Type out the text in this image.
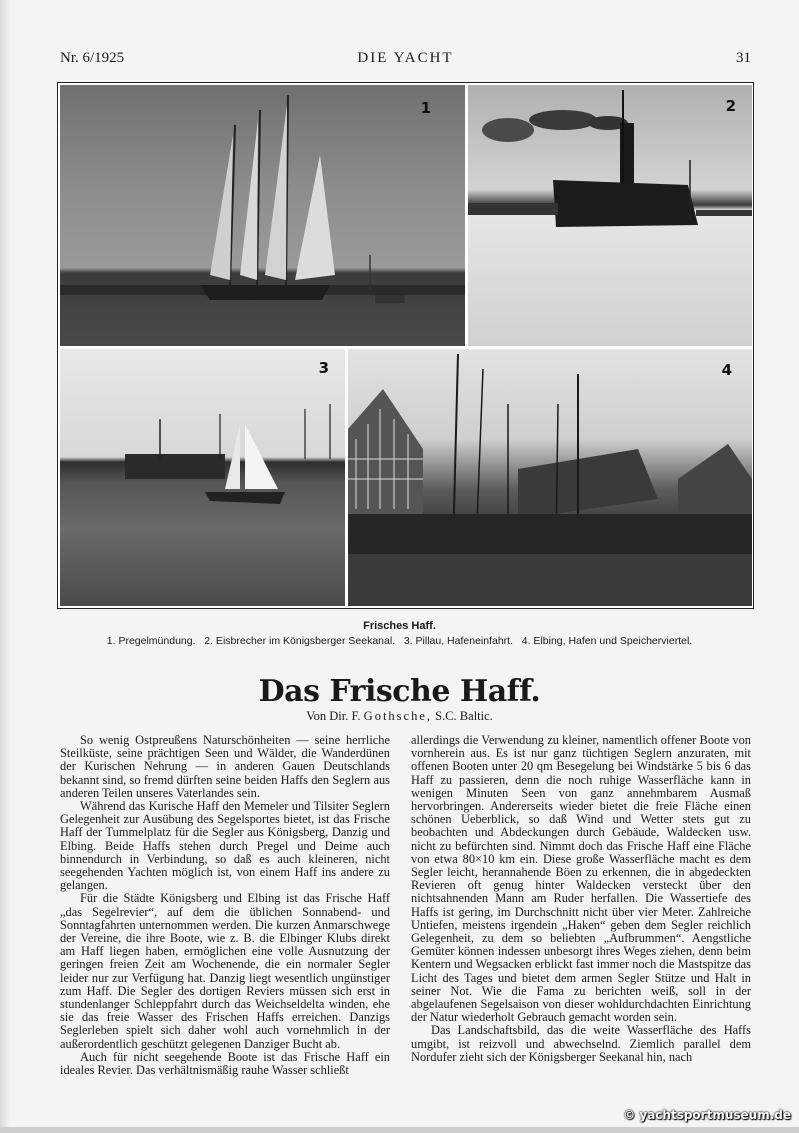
Nr. 6/1925	DIE YACHT	31
1	2
3	4
Frisches Haff.
1. Pregelmündung.   2. Eisbrecher im Königsberger Seekanal.   3. Pillau, Hafeneinfahrt.   4. Elbing, Hafen und Speicherviertel.
Das Frische Haff.
Von Dir. F. Gothsche, S.C. Baltic.

So wenig Ostpreußens Naturschönheiten — seine herrliche Steilküste, seine prächtigen Seen und Wälder, die Wanderdünen der Kurischen Nehrung — in anderen Gauen Deutschlands bekannt sind, so fremd dürften seine beiden Haffs den Seglern aus anderen Teilen unseres Vaterlandes sein.

Während das Kurische Haff den Memeler und Tilsiter Seglern Gelegenheit zur Ausübung des Segelsportes bietet, ist das Frische Haff der Tummelplatz für die Segler aus Königsberg, Danzig und Elbing. Beide Haffs stehen durch Pregel und Deime auch binnendurch in Verbindung, so daß es auch kleineren, nicht seegehenden Yachten möglich ist, von einem Haff ins andere zu gelangen.

Für die Städte Königsberg und Elbing ist das Frische Haff „das Segelrevier“, auf dem die üblichen Sonnabend- und Sonntagfahrten unternommen werden. Die kurzen Anmarschwege der Vereine, die ihre Boote, wie z. B. die Elbinger Klubs direkt am Haff liegen haben, ermöglichen eine volle Ausnutzung der geringen freien Zeit am Wochenende, die ein normaler Segler leider nur zur Verfügung hat. Danzig liegt wesentlich ungünstiger zum Haff. Die Segler des dortigen Reviers müssen sich erst in stundenlanger Schleppfahrt durch das Weichseldelta winden, ehe sie das freie Wasser des Frischen Haffs erreichen. Danzigs Seglerleben spielt sich daher wohl auch vornehmlich in der außerordentlich geschützt gelegenen Danziger Bucht ab.

Auch für nicht seegehende Boote ist das Frische Haff ein ideales Revier. Das verhältnismäßig rauhe Wasser schließt

allerdings die Verwendung zu kleiner, namentlich offener Boote von vornherein aus. Es ist nur ganz tüchtigen Seglern anzuraten, mit offenen Booten unter 20 qm Besegelung bei Windstärke 5 bis 6 das Haff zu passieren, denn die noch ruhige Wasserfläche kann in wenigen Minuten Seen von ganz annehmbarem Ausmaß hervorbringen. Andererseits wieder bietet die freie Fläche einen schönen Ueberblick, so daß Wind und Wetter stets gut zu beobachten und Abdeckungen durch Gebäude, Waldecken usw. nicht zu befürchten sind. Nimmt doch das Frische Haff eine Fläche von etwa 80×10 km ein. Diese große Wasserfläche macht es dem Segler leicht, herannahende Böen zu erkennen, die in abgedeckten Revieren oft genug hinter Waldecken versteckt über den nichtsahnenden Mann am Ruder herfallen. Die Wassertiefe des Haffs ist gering, im Durchschnitt nicht über vier Meter. Zahlreiche Untiefen, meistens irgendein „Haken“ geben dem Segler reichlich Gelegenheit, zu dem so beliebten „Aufbrummen“. Aengstliche Gemüter können indessen unbesorgt ihres Weges ziehen, denn beim Kentern und Wegsacken erblickt fast immer noch die Mastspitze das Licht des Tages und bietet dem armen Segler Stütze und Halt in seiner Not. Wie die Fama zu berichten weiß, soll in der abgelaufenen Segelsaison von dieser wohldurchdachten Einrichtung der Natur wiederholt Gebrauch gemacht worden sein.

Das Landschaftsbild, das die weite Wasserfläche des Haffs umgibt, ist reizvoll und abwechselnd. Ziemlich parallel dem Nordufer zieht sich der Königsberger Seekanal hin, nach

© yachtsportmuseum.de
